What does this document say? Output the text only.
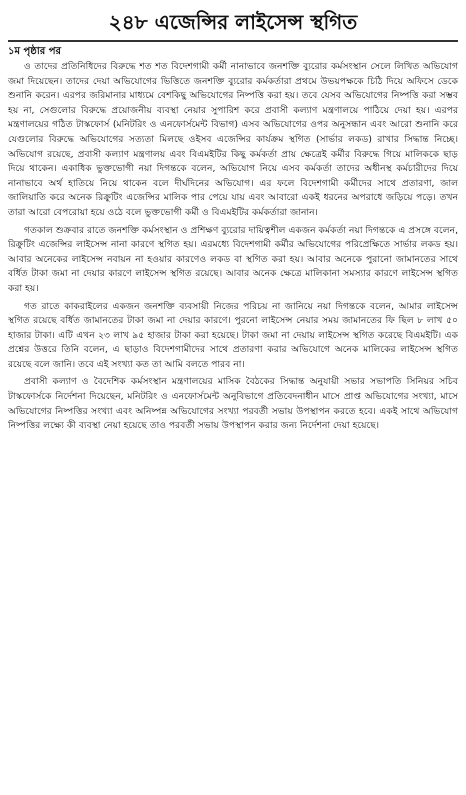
২৪৮ এজেন্সির লাইসেন্স স্থগিত
১ম পৃষ্ঠার পর

ও তাদের প্রতিনিধিদের বিরুদ্ধে শত শত বিদেশগামী কর্মী নানাভাবে জনশক্তি ব্যুরোর কর্মসংস্থান সেলে লিখিত অভিযোগ জমা দিয়েছেন। তাদের দেয়া অভিযোগের ভিত্তিতে জনশক্তি ব্যুরোর কর্মকর্তারা প্রথমে উভয়পক্ষকে চিঠি দিয়ে অফিসে ডেকে শুনানি করেন। এরপর জরিমানার মাধ্যমে বেশকিছু অভিযোগের নিষ্পত্তি করা হয়। তবে যেসব অভিযোগের নিষ্পত্তি করা সম্ভব হয় না, সেগুলোর বিরুদ্ধে প্রয়োজনীয় ব্যবস্থা নেয়ার সুপারিশ করে প্রবাসী কল্যাণ মন্ত্রণালয়ে পাঠিয়ে দেয়া হয়। এরপর মন্ত্রণালয়ের গঠিত টাস্কফোর্স (মনিটরিং ও এনফোর্সমেন্ট বিভাগ) এসব অভিযোগের ওপর অনুসন্ধান এবং আরো শুনানি করে যেগুলোর বিরুদ্ধে অভিযোগের সত্যতা মিলছে ওইসব এজেন্সির কার্যক্রম স্থগিত (সার্ভার লকড) রাখার সিদ্ধান্ত নিচ্ছে। অভিযোগ রয়েছে, প্রবাসী কল্যাণ মন্ত্রণালয় এবং বিএমইটির কিছু কর্মকর্তা প্রায় ক্ষেত্রেই কর্মীর বিরুদ্ধে গিয়ে মালিককে ছাড় দিয়ে থাকেন। একাধিক ভুক্তভোগী নয়া দিগন্তকে বলেন, অভিযোগ নিয়ে এসব কর্মকর্তা তাদের অধীনস্থ কর্মচারীদের দিয়ে নানাভাবে অর্থ হাতিয়ে নিয়ে থাকেন বলে দীর্ঘদিনের অভিযোগ। এর ফলে বিদেশগামী কর্মীদের সাথে প্রতারণা, জাল জালিয়াতি করে অনেক রিক্রুটিং এজেন্সির মালিক পার পেয়ে যায় এবং আবারো একই ধরনের অপরাধে জড়িয়ে পড়ে। তখন তারা আরো বেপরোয়া হয়ে ওঠে বলে ভুক্তভোগী কর্মী ও বিএমইটির কর্মকর্তারা জানান।

গতকাল শুক্রবার রাতে জনশক্তি কর্মসংস্থান ও প্রশিক্ষণ ব্যুরোর দায়িত্বশীল একজন কর্মকর্তা নয়া দিগন্তকে এ প্রসঙ্গে বলেন, রিক্রুটিং এজেন্সির লাইসেন্স নানা কারণে স্থগিত হয়। এরমধ্যে বিদেশগামী কর্মীর অভিযোগের পরিপ্রেক্ষিতে সার্ভার লকড হয়। আবার অনেকের লাইসেন্স নবায়ন না হওয়ার কারণেও লকড বা স্থগিত করা হয়। আবার অনেকে পুরানো জামানতের সাথে বর্ধিত টাকা জমা না দেয়ার কারণে লাইসেন্স স্থগিত রয়েছে। আবার অনেক ক্ষেত্রে মালিকানা সমস্যার কারণে লাইসেন্স স্থগিত করা হয়।

গত রাতে কাকরাইলের একজন জনশক্তি ব্যবসায়ী নিজের পরিচয় না জানিয়ে নয়া দিগন্তকে বলেন, আমার লাইসেন্স স্থগিত রয়েছে বর্ধিত জামানতের টাকা জমা না দেয়ার কারণে। পুরনো লাইসেন্স নেয়ার সময় জামানতের ফি ছিল ৮ লাখ ৫০ হাজার টাকা। এটি এখন ২৩ লাখ ৯৫ হাজার টাকা করা হয়েছে। টাকা জমা না দেয়ায় লাইসেন্স স্থগিত করেছে বিএমইটি। এক প্রশ্নের উত্তরে তিনি বলেন, এ ছাড়াও বিদেশগামীদের সাথে প্রতারণা করার অভিযোগে অনেক মালিকের লাইসেন্স স্থগিত রয়েছে বলে জানি। তবে এই সংখ্যা কত তা আমি বলতে পারব না।

প্রবাসী কল্যাণ ও বৈদেশিক কর্মসংস্থান মন্ত্রণালয়ের মাসিক বৈঠকের সিদ্ধান্ত অনুযায়ী সভার সভাপতি সিনিয়র সচিব টাস্কফোর্সকে নির্দেশনা দিয়েছেন, মনিটরিং ও এনফোর্সমেন্ট অনুবিভাগে প্রতিবেদনাধীন মাসে প্রাপ্ত অভিযোগের সংখ্যা, মাসে অভিযোগের নিষ্পত্তির সংখ্যা এবং অনিষ্পন্ন অভিযোগের সংখ্যা পরবর্তী সভায় উপস্থাপন করতে হবে। একই সাথে অভিযোগ নিষ্পত্তির লক্ষ্যে কী ব্যবস্থা নেয়া হয়েছে তাও পরবর্তী সভায় উপস্থাপন করার জন্য নির্দেশনা দেয়া হয়েছে।
